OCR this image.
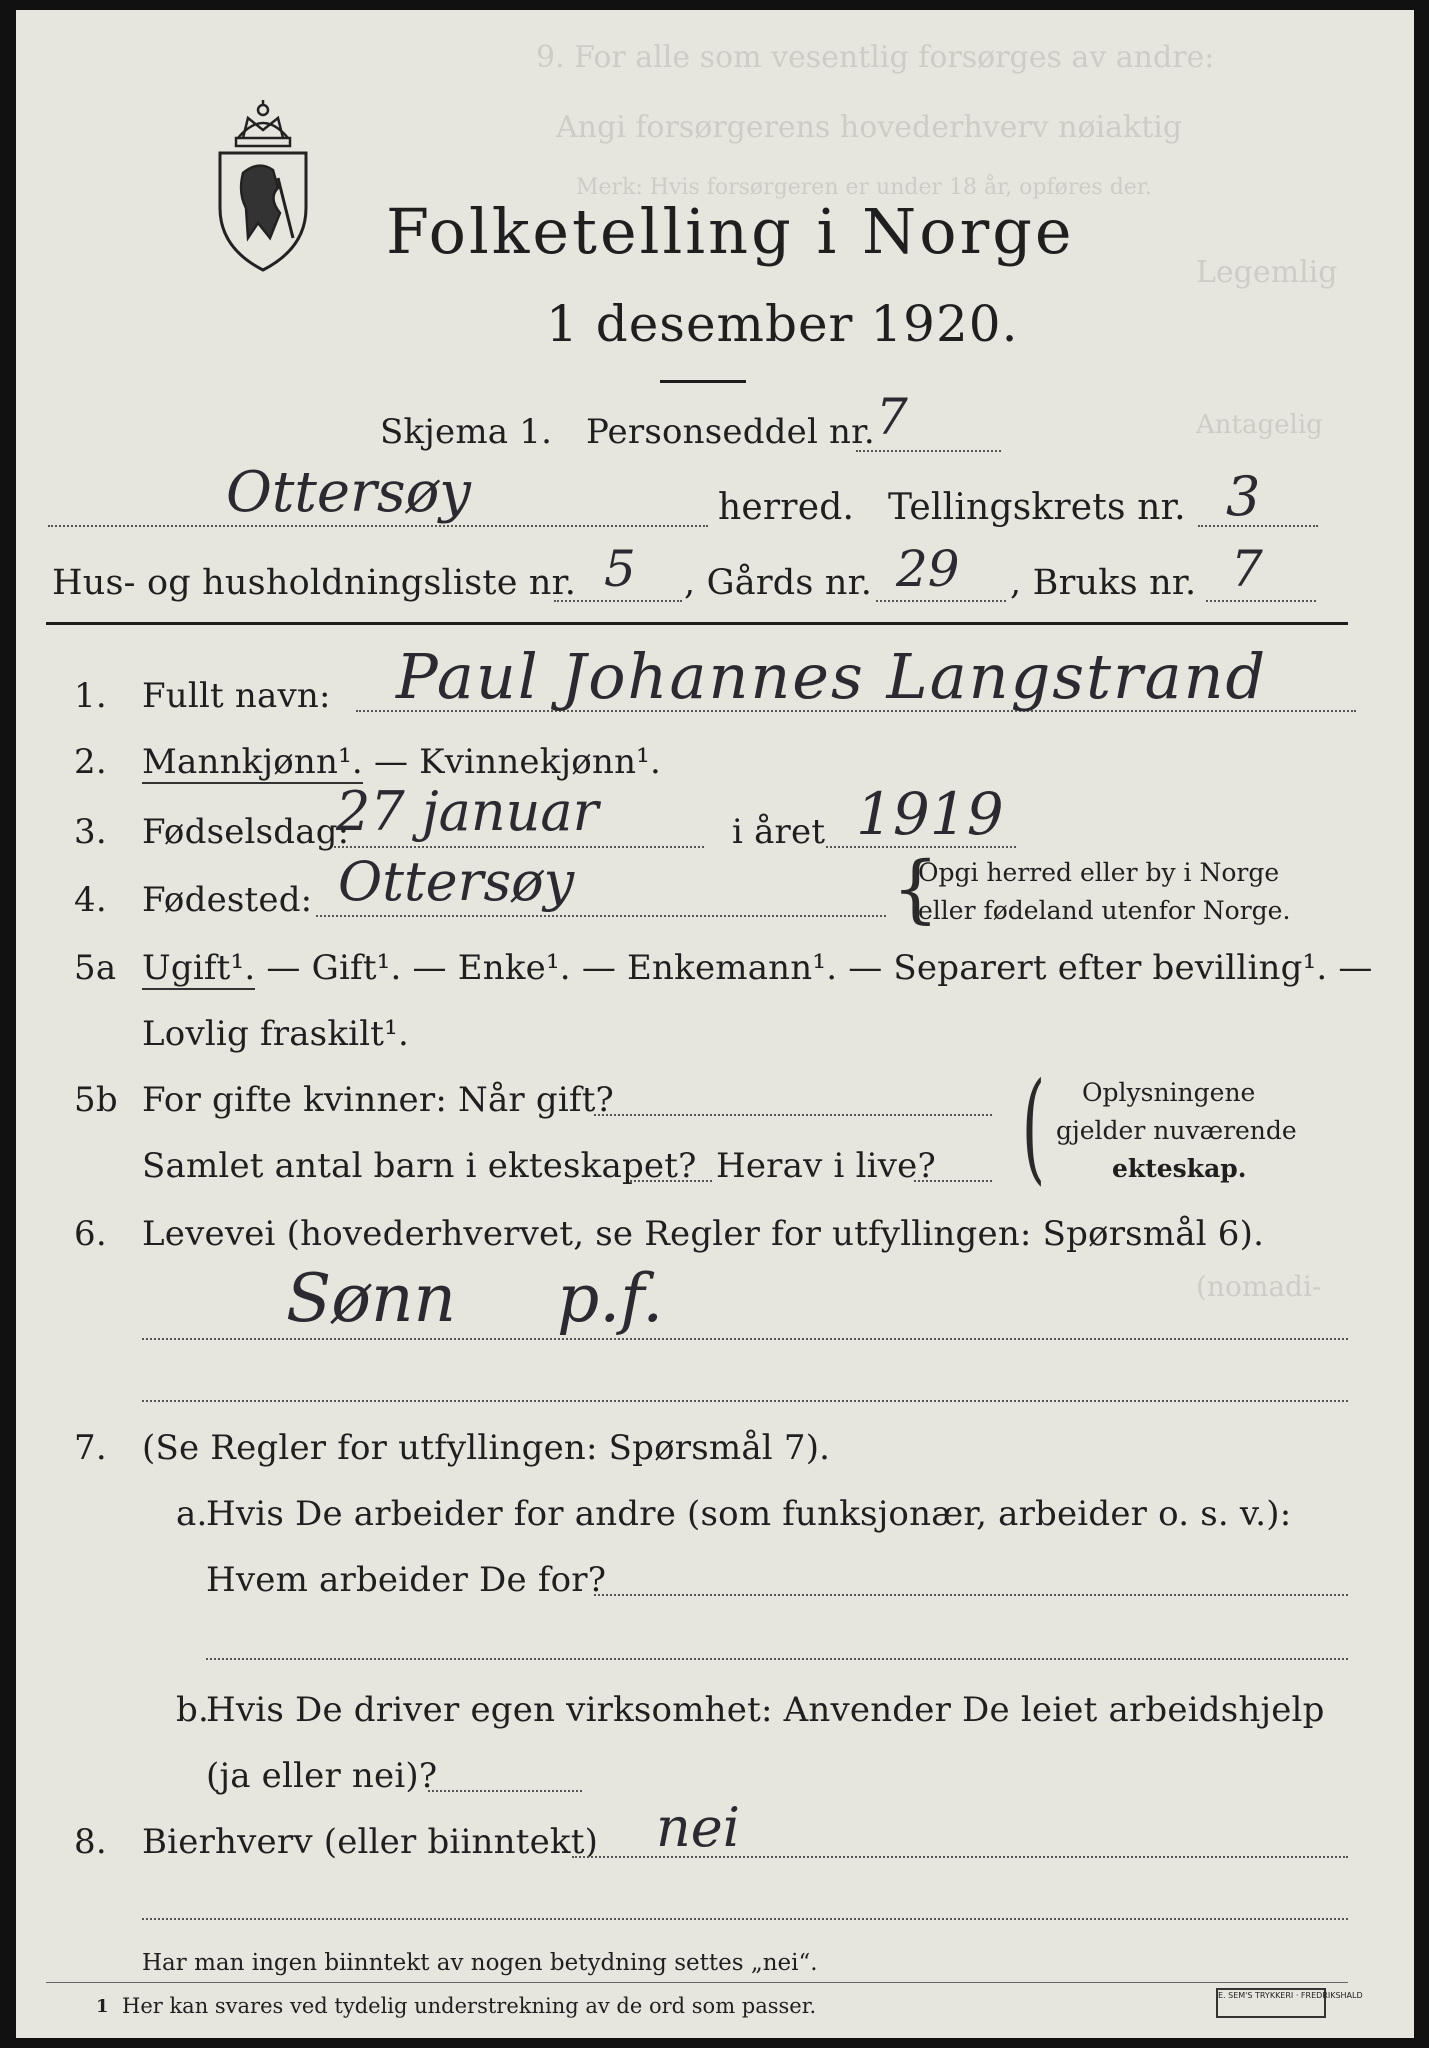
9. For alle som vesentlig forsørges av andre:
Angi forsørgerens hovederhverv nøiaktig
Merk: Hvis forsørgeren er under 18 år, opføres der.
Legemlig
Antagelig
(nomadi-
Folketelling i Norge
1 desember 1920.
Skjema 1. Personseddel nr. 7
Ottersøy	herred. Tellingskrets nr. 3
Hus- og husholdningsliste nr. 5 , Gårds nr. 29 , Bruks nr. 7
1. Fullt navn: Paul Johannes Langstrand
2. Mannkjønn¹. — Kvinnekjønn¹.
3. Fødselsdag:
27 januar	i året 1919
4. Fødested: Ottersøy	{
Opgi herred eller by i Norge
eller fødeland utenfor Norge.
5a Ugift¹. — Gift¹. — Enke¹. — Enkemann¹. — Separert efter bevilling¹. —
Lovlig fraskilt¹.
5b For gifte kvinner: Når gift?
Samlet antal barn i ekteskapet? Herav i live? ( Oplysningene
gjelder nuværende
ekteskap.
6. Levevei (hovederhvervet, se Regler for utfyllingen: Spørsmål 6).
Sønn p.f.
7. (Se Regler for utfyllingen: Spørsmål 7).
a.
Hvis De arbeider for andre (som funksjonær, arbeider o. s. v.):
Hvem arbeider De for?
b.
Hvis De driver egen virksomhet: Anvender De leiet arbeidshjelp
(ja eller nei)?
8. Bierhverv (eller biinntekt) nei
Har man ingen biinntekt av nogen betydning settes „nei“.
1 Her kan svares ved tydelig understrekning av de ord som passer.	E. SEM'S TRYKKERI · FREDRIKSHALD
